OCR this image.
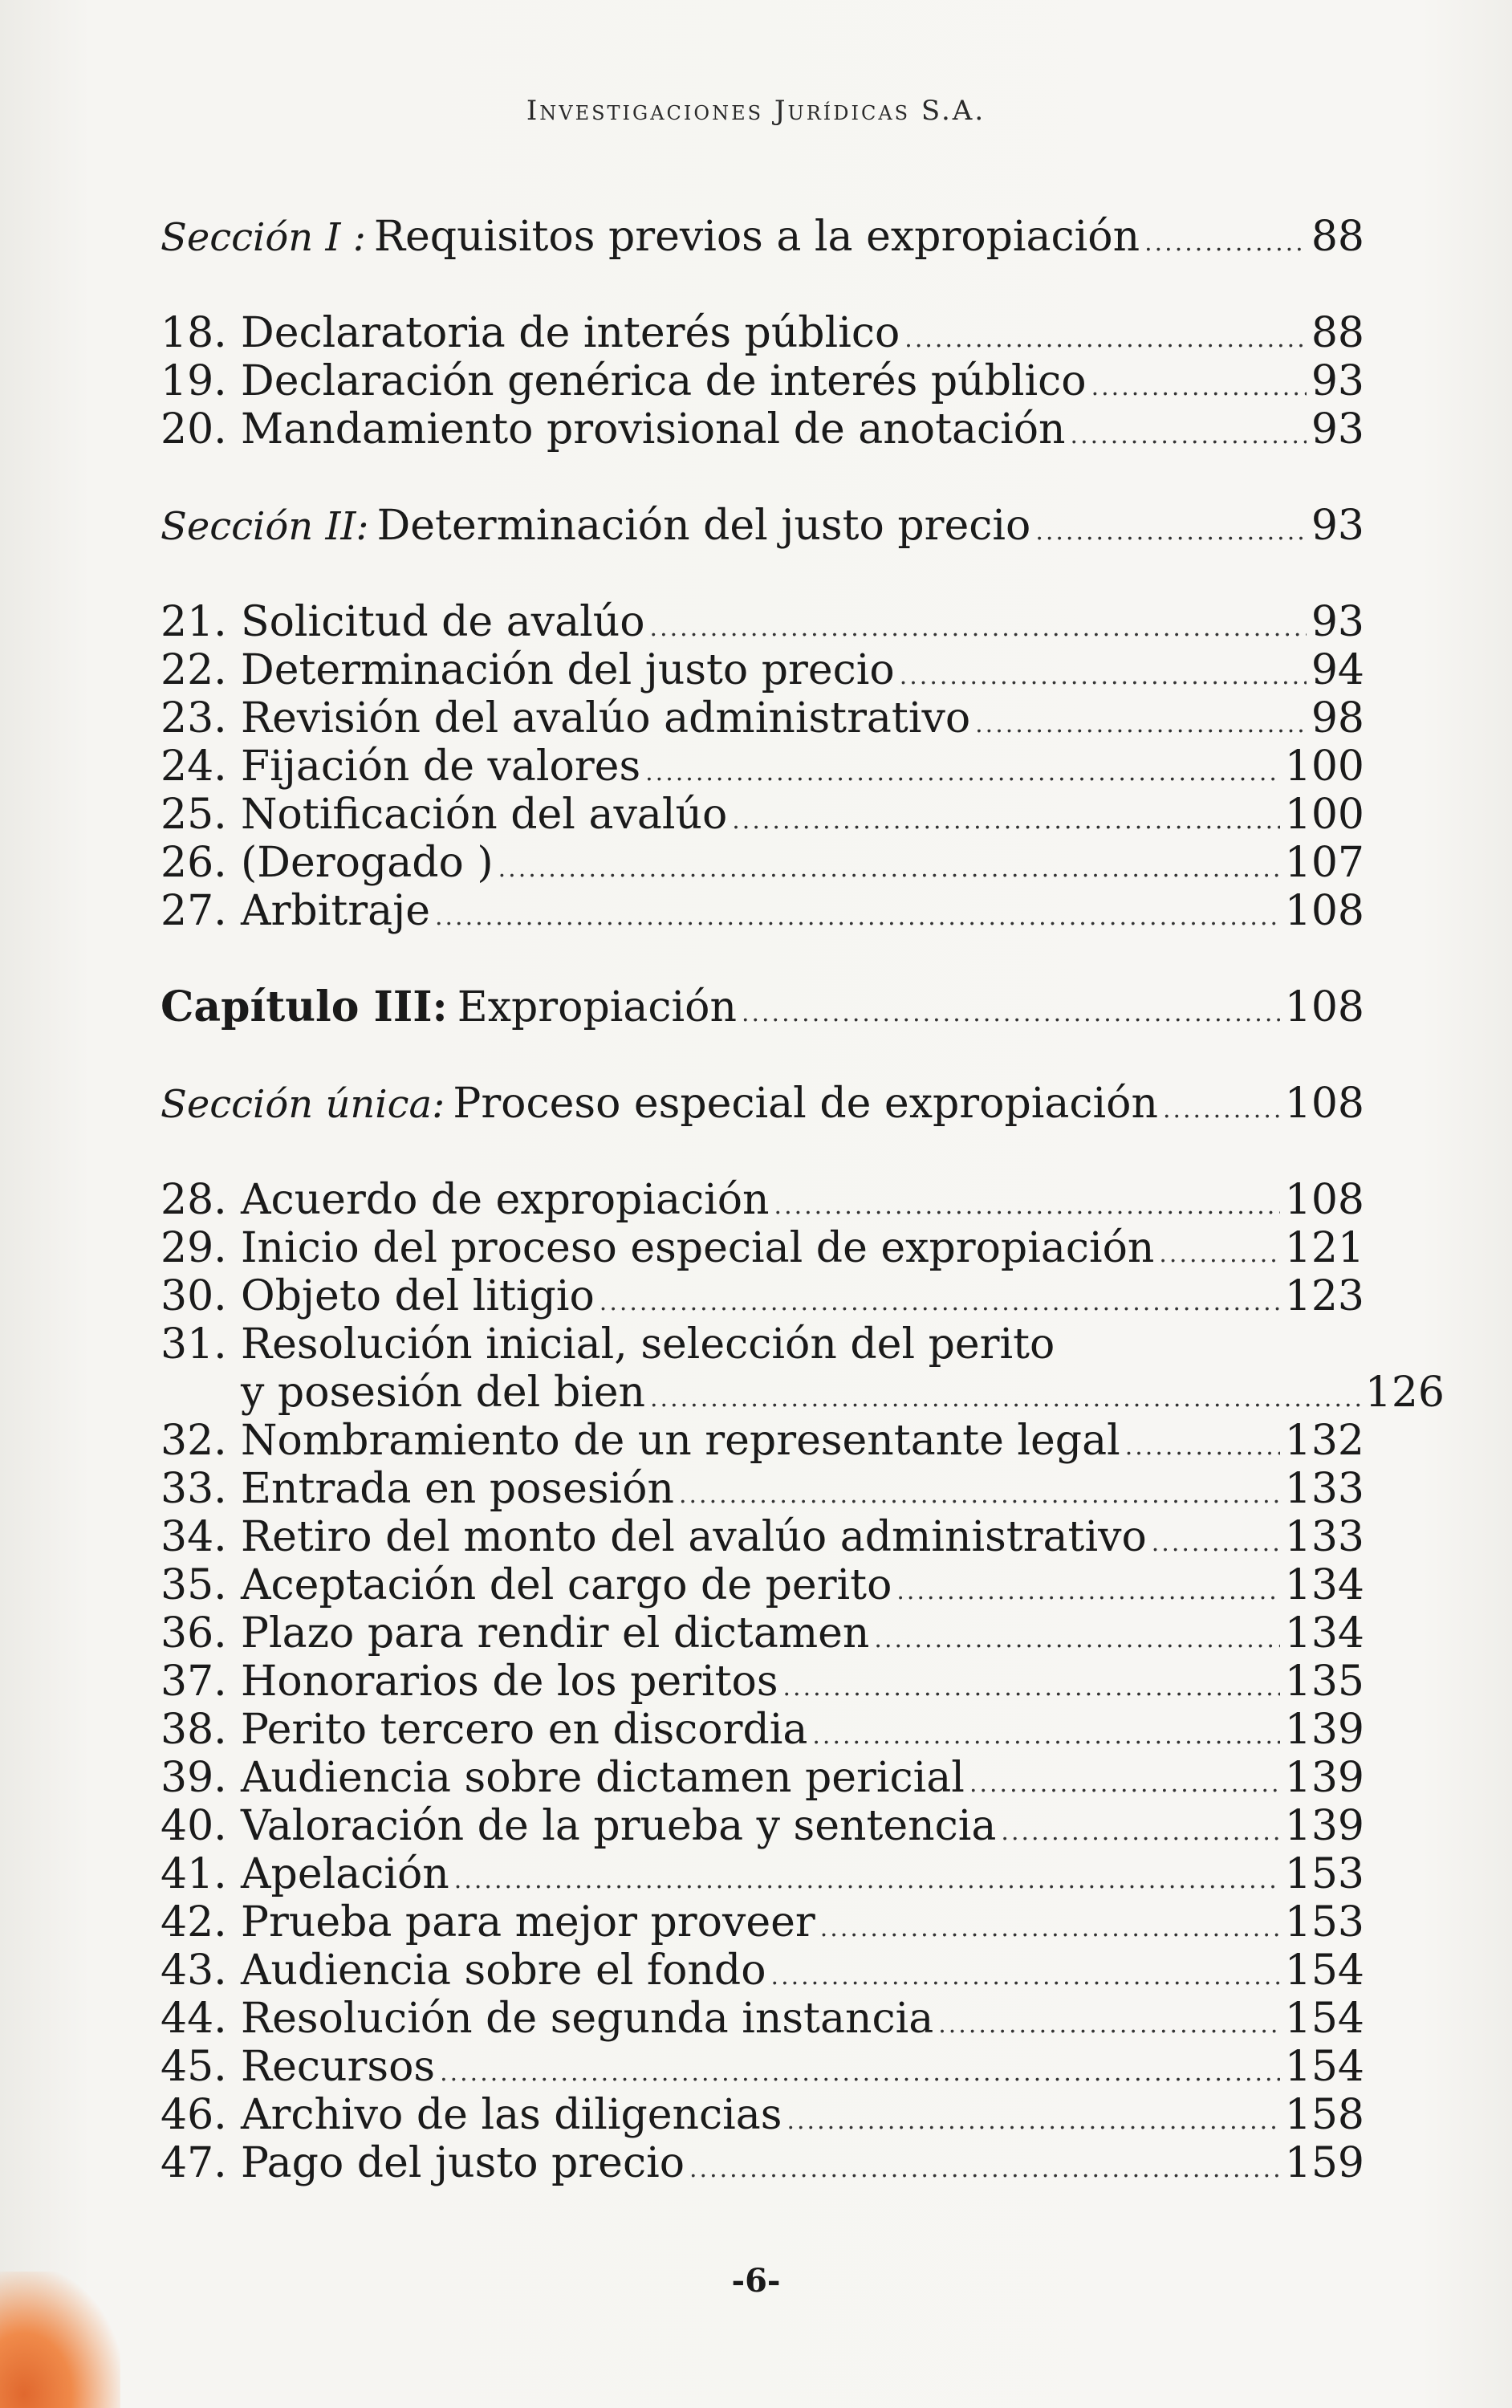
Investigaciones Jurídicas S.A.
Sección I : Requisitos previos a la expropiación .....	88
18. Declaratoria de interés público .....	88
19. Declaración genérica de interés público .....	93
20. Mandamiento provisional de anotación .....	93
Sección II: Determinación del justo precio .....	93
21. Solicitud de avalúo .....	93
22. Determinación del justo precio .....	94
23. Revisión del avalúo administrativo .....	98
24. Fijación de valores .....	100
25. Notificación del avalúo .....	100
26. (Derogado ) .....	107
27. Arbitraje .....	108
Capítulo III: Expropiación .....	108
Sección única: Proceso especial de expropiación .....	108
28. Acuerdo de expropiación .....	108
29. Inicio del proceso especial de expropiación .....	121
30. Objeto del litigio .....	123
31. Resolución inicial, selección del perito
y posesión del bien .....	126
32. Nombramiento de un representante legal .....	132
33. Entrada en posesión .....	133
34. Retiro del monto del avalúo administrativo .....	133
35. Aceptación del cargo de perito .....	134
36. Plazo para rendir el dictamen .....	134
37. Honorarios de los peritos .....	135
38. Perito tercero en discordia .....	139
39. Audiencia sobre dictamen pericial .....	139
40. Valoración de la prueba y sentencia .....	139
41. Apelación .....	153
42. Prueba para mejor proveer .....	153
43. Audiencia sobre el fondo .....	154
44. Resolución de segunda instancia .....	154
45. Recursos .....	154
46. Archivo de las diligencias .....	158
47. Pago del justo precio .....	159
-6-
